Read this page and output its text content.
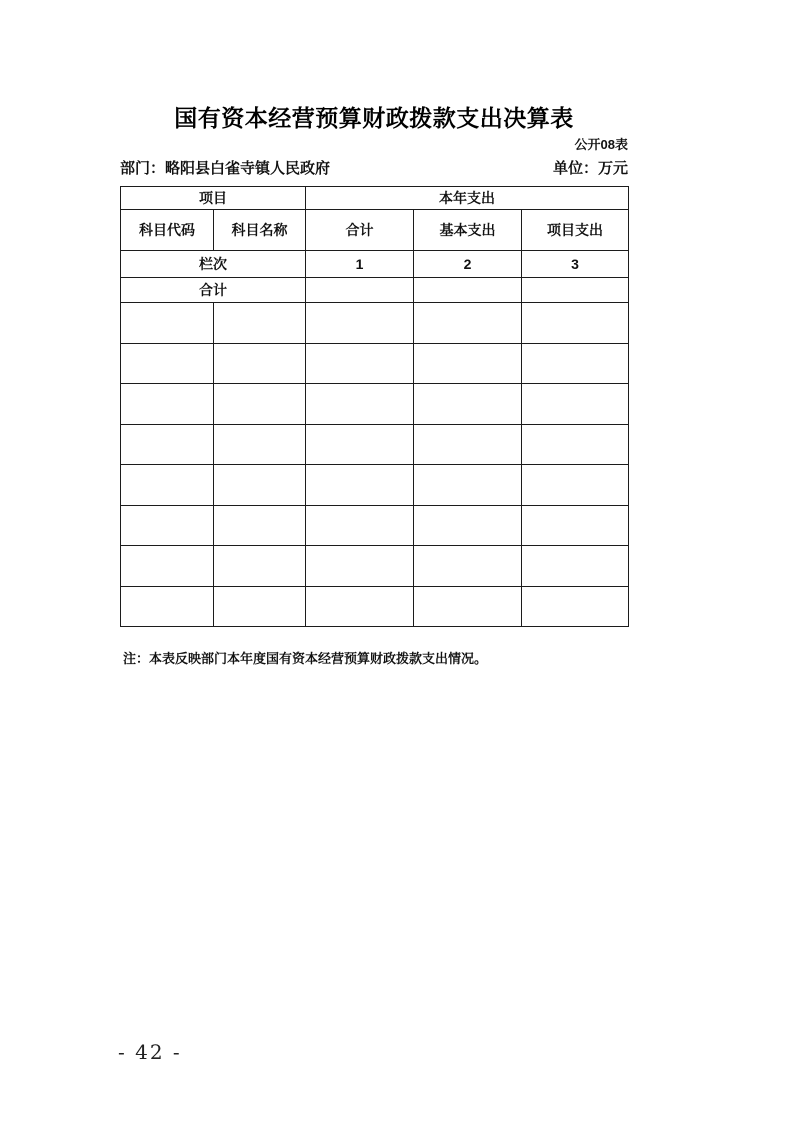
国有资本经营预算财政拨款支出决算表
公开08表
部门：略阳县白雀寺镇人民政府	单位：万元
项目		本年支出		
科目代码	科目名称	合计	基本支出	项目支出
栏次		1	2	3
合计				

注：本表反映部门本年度国有资本经营预算财政拨款支出情况。
- 42 -
